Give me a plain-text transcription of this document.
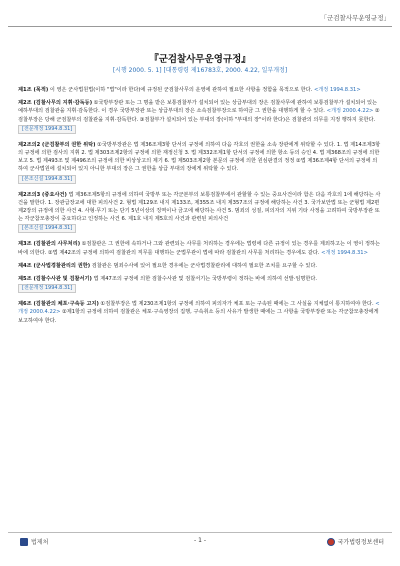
「군검찰사무운영규정」
『군검찰사무운영규정』
[시행 2000. 5. 1] [대통령령 제16783호, 2000. 4.22, 일부개정]
제1조 (목적) 이 영은 군사법원법(이하 "법"이라 한다)에 규정된 군검찰사무의 운영에 관하여 필요한 사항을 정함을 목적으로 한다. <개정 1994.8.31>
제2조 (검찰사무의 지휘·감독등) ①국방부장관 또는 그 명을 받은 보통검찰부가 설치되어 있는 상급부대의 장은 검찰사무에 관하여 보통검찰부가 설치되어 있는 예하부대의 검찰관을 지휘·감독한다. 이 경우 국방부장관 또는 상급부대의 장은 소속검찰부장으로 하여금 그 권한을 대행하게 할 수 있다. <개정 2000.4.22> ②검찰부장은 당해 군검찰부의 검찰관을 지휘·감독한다. ③검찰부가 설치되어 있는 부대의 장(이하 "부대의 장"이라 한다)은 검찰관의 의무를 지정 행하지 못한다.
[전문개정 1994.8.31]
제2조의2 (군검찰부의 권한 위탁) ①국방부장관은 법 제36조제3항 단서의 규정에 의하여 다음 각호의 권한을 소속 장관에게 위탁할 수 있다. 1. 법 제14조제3항의 규정에 의한 검사의 지휘 2. 법 제303조제2항의 규정에 의한 재정신청 3. 법 제332조제1항 단서의 규정에 의한 항소 등의 승인 4. 법 제368조의 규정에 의한 보고 5. 법 제493조 및 제496조의 규정에 의한 비상상고의 제기 6. 법 제503조제2항 본문의 규정에 의한 원심판결의 정정 ②법 제36조제4항 단서의 규정에 의하여 군사법원에 설치되어 있지 아니한 부대의 장은 그 권한을 상급 부대의 장에게 위탁할 수 있다.
[본조신설 1994.8.31]
제2조의3 (중요사건) 법 제36조제5항의 규정에 의하여 국방부 또는 각군본부의 보통검찰부에서 관할할 수 있는 중요사건이라 함은 다음 각호의 1에 해당하는 사건을 말한다. 1. 장관급장교에 대한 피의사건 2. 형법 제129조 내지 제133조, 제355조 내지 제357조의 규정에 해당하는 사건 3. 국가보안법 또는 군형법 제2편제2장의 규정에 의한 사건 4. 사형·무기 또는 단기 5년이상의 징역이나 금고에 해당하는 사건 5. 범죄의 성질, 피의자의 지위 기타 사정을 고려하여 국방부장관 또는 각군참모총장이 중요하다고 인정하는 사건 6. 제1호 내지 제5호의 사건과 관련된 피의사건
[본조신설 1994.8.31]
제3조 (검찰관의 사무처리) ①검찰관은 그 권한에 속하거나 그와 관련되는 사무를 처리하는 경우에는 법령에 다른 규정이 있는 경우를 제외하고는 이 영이 정하는 바에 의한다. ②법 제42조의 규정에 의하여 검찰관의 직무를 대행하는 군법무관이 법에 따라 검찰관의 사무를 처리하는 경우에도 같다. <개정 1994.8.31>
제4조 (군사법경찰관리의 권한) 검찰관은 범죄수사에 있어 필요한 경우에는 군사법경찰관리에 대하여 필요한 조치를 요구할 수 있다.
제5조 (검찰수사관 및 검찰서기) 법 제47조의 규정에 의한 검찰수사관 및 검찰서기는 국방부령이 정하는 바에 의하여 선발·임명한다.
[전문개정 1994.8.31]
제6조 (검찰관의 체포·구속등 고지) ①검찰부장은 법 제230조제1항의 규정에 의하여 피의자가 체포 또는 구속된 때에는 그 사실을 지체없이 통지하여야 한다. <개정 2000.4.22> ②제1항의 규정에 의하여 검찰관은 체포·구속영장의 집행, 구속취소 등의 사유가 발생한 때에는 그 사항을 국방부장관 또는 각군참모총장에게 보고하여야 한다.
법제처	- 1 -	국가법령정보센터
